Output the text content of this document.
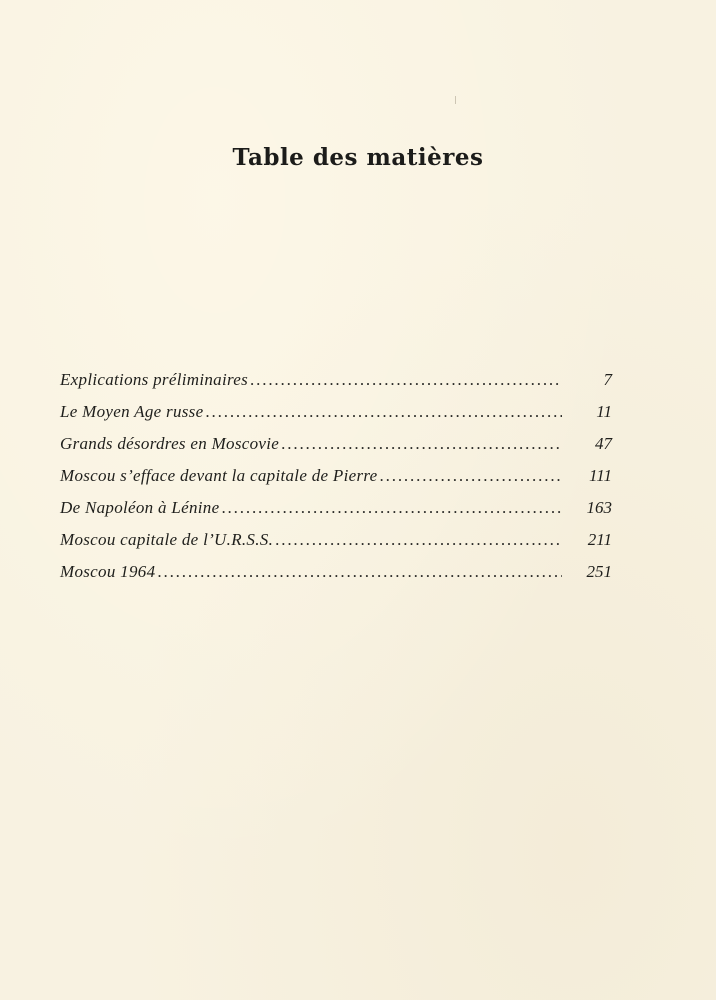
Table des matières
Explications préliminaires . . .	7
Le Moyen Age russe . . .	11
Grands désordres en Moscovie . . .	47
Moscou s’efface devant la capitale de Pierre . . .	111
De Napoléon à Lénine . . .	163
Moscou capitale de l’U.R.S.S. . . .	211
Moscou 1964 . . .	251
